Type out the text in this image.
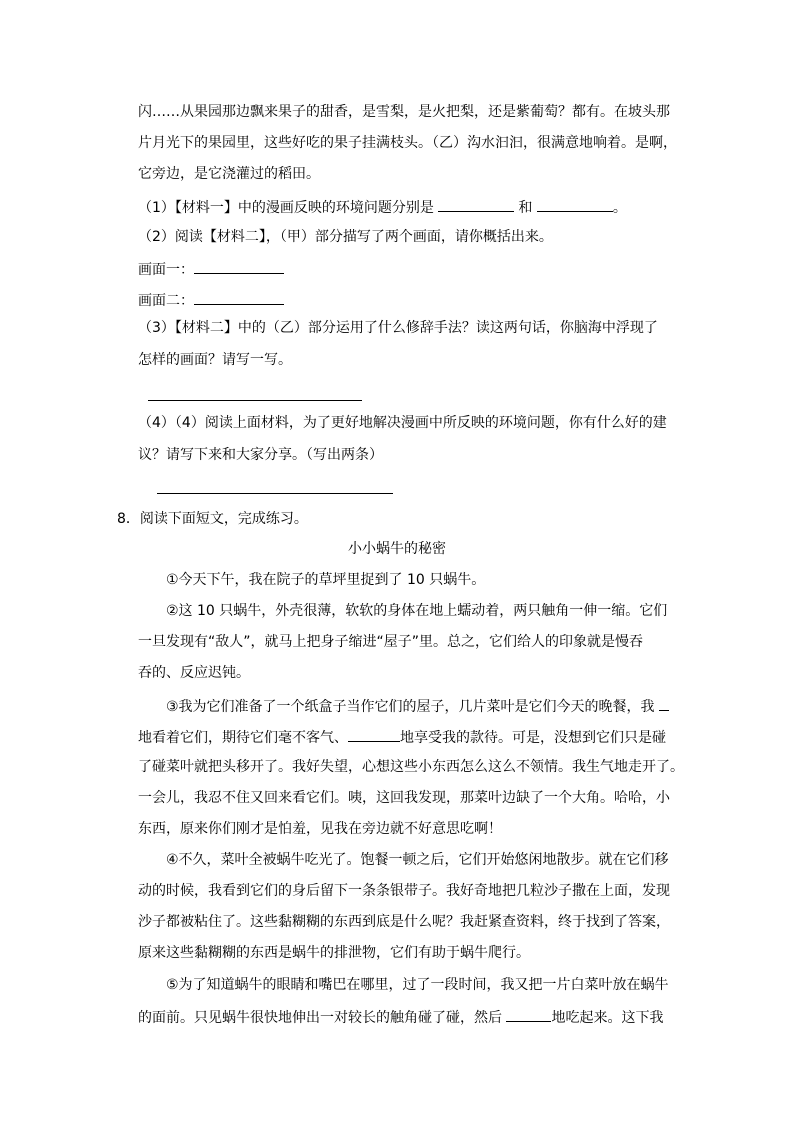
闪……从果园那边飘来果子的甜香，是雪梨，是火把梨，还是紫葡萄？都有。在坡头那
片月光下的果园里，这些好吃的果子挂满枝头。（乙）沟水汩汩，很满意地响着。是啊，
它旁边，是它浇灌过的稻田。
（1）【材料一】中的漫画反映的环境问题分别是	和	。
（2）阅读【材料二】，（甲）部分描写了两个画面，请你概括出来。
画面一：
画面二：
（3）【材料二】中的（乙）部分运用了什么修辞手法？读这两句话，你脑海中浮现了
怎样的画面？请写一写。
（4）（4）阅读上面材料，为了更好地解决漫画中所反映的环境问题，你有什么好的建
议？请写下来和大家分享。（写出两条）
8．阅读下面短文，完成练习。
小小蜗牛的秘密
①今天下午，我在院子的草坪里捉到了 10 只蜗牛。
②这 10 只蜗牛，外壳很薄，软软的身体在地上蠕动着，两只触角一伸一缩。它们
一旦发现有“敌人”，就马上把身子缩进“屋子”里。总之，它们给人的印象就是慢吞
吞的、反应迟钝。
③我为它们准备了一个纸盒子当作它们的屋子，几片菜叶是它们今天的晚餐，我
地看着它们，期待它们毫不客气、	地享受我的款待。可是，没想到它们只是碰
了碰菜叶就把头移开了。我好失望，心想这些小东西怎么这么不领情。我生气地走开了。
一会儿，我忍不住又回来看它们。咦，这回我发现，那菜叶边缺了一个大角。哈哈，小
东西，原来你们刚才是怕羞，见我在旁边就不好意思吃啊！
④不久，菜叶全被蜗牛吃光了。饱餐一顿之后，它们开始悠闲地散步。就在它们移
动的时候，我看到它们的身后留下一条条银带子。我好奇地把几粒沙子撒在上面，发现
沙子都被粘住了。这些黏糊糊的东西到底是什么呢？我赶紧查资料，终于找到了答案，
原来这些黏糊糊的东西是蜗牛的排泄物，它们有助于蜗牛爬行。
⑤为了知道蜗牛的眼睛和嘴巴在哪里，过了一段时间，我又把一片白菜叶放在蜗牛
的面前。只见蜗牛很快地伸出一对较长的触角碰了碰，然后	地吃起来。这下我
